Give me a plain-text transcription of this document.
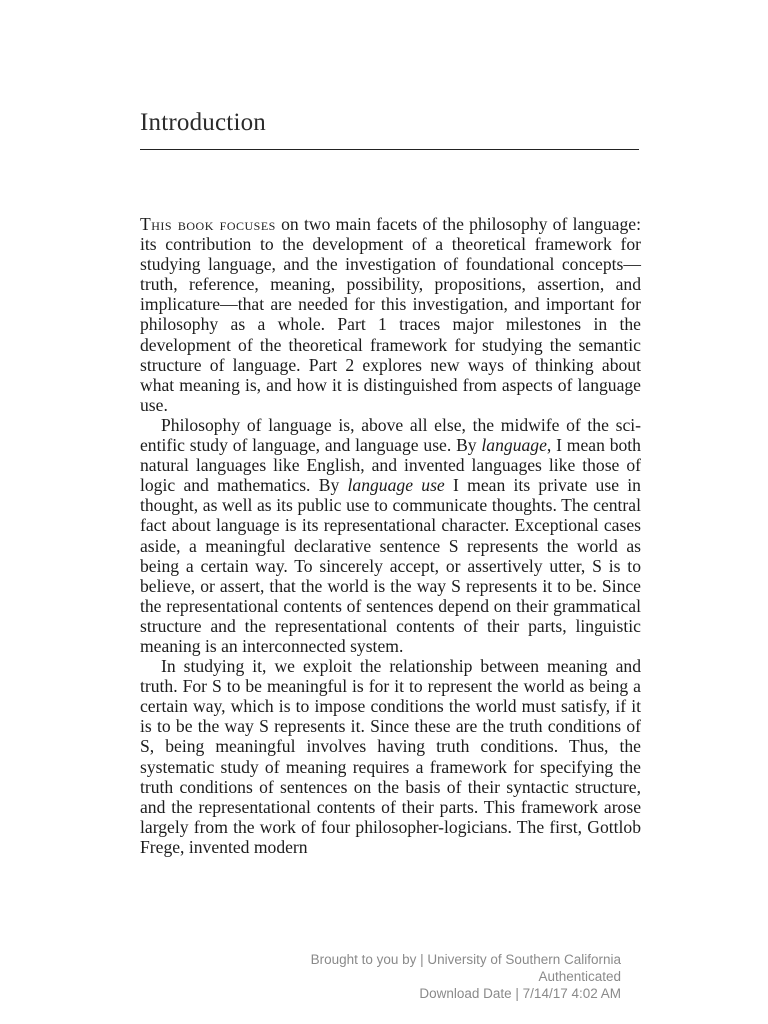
Introduction

This book focuses on two main facets of the philosophy of language: its contribution to the development of a theoretical framework for studying language, and the investigation of foundational concepts—truth, reference, meaning, possibility, propositions, assertion, and implicature—that are needed for this investigation, and important for philosophy as a whole. Part 1 traces major milestones in the development of the theoretical framework for studying the semantic structure of language. Part 2 explores new ways of thinking about what meaning is, and how it is distinguished from aspects of language use.

Philosophy of language is, above all else, the midwife of the scientific study of language, and language use. By language, I mean both natural languages like English, and invented languages like those of logic and mathematics. By language use I mean its private use in thought, as well as its public use to communicate thoughts. The central fact about language is its representational character. Exceptional cases aside, a meaningful declarative sentence S represents the world as being a certain way. To sincerely accept, or assertively utter, S is to believe, or assert, that the world is the way S represents it to be. Since the representational contents of sentences depend on their grammatical structure and the representational contents of their parts, linguistic meaning is an interconnected system.

In studying it, we exploit the relationship between meaning and truth. For S to be meaningful is for it to represent the world as being a certain way, which is to impose conditions the world must satisfy, if it is to be the way S represents it. Since these are the truth conditions of S, being meaningful involves having truth conditions. Thus, the systematic study of meaning requires a framework for specifying the truth conditions of sentences on the basis of their syntactic structure, and the representational contents of their parts. This framework arose largely from the work of four philosopher-logicians. The first, Gottlob Frege, invented modern

Brought to you by | University of Southern California
Authenticated
Download Date | 7/14/17 4:02 AM
